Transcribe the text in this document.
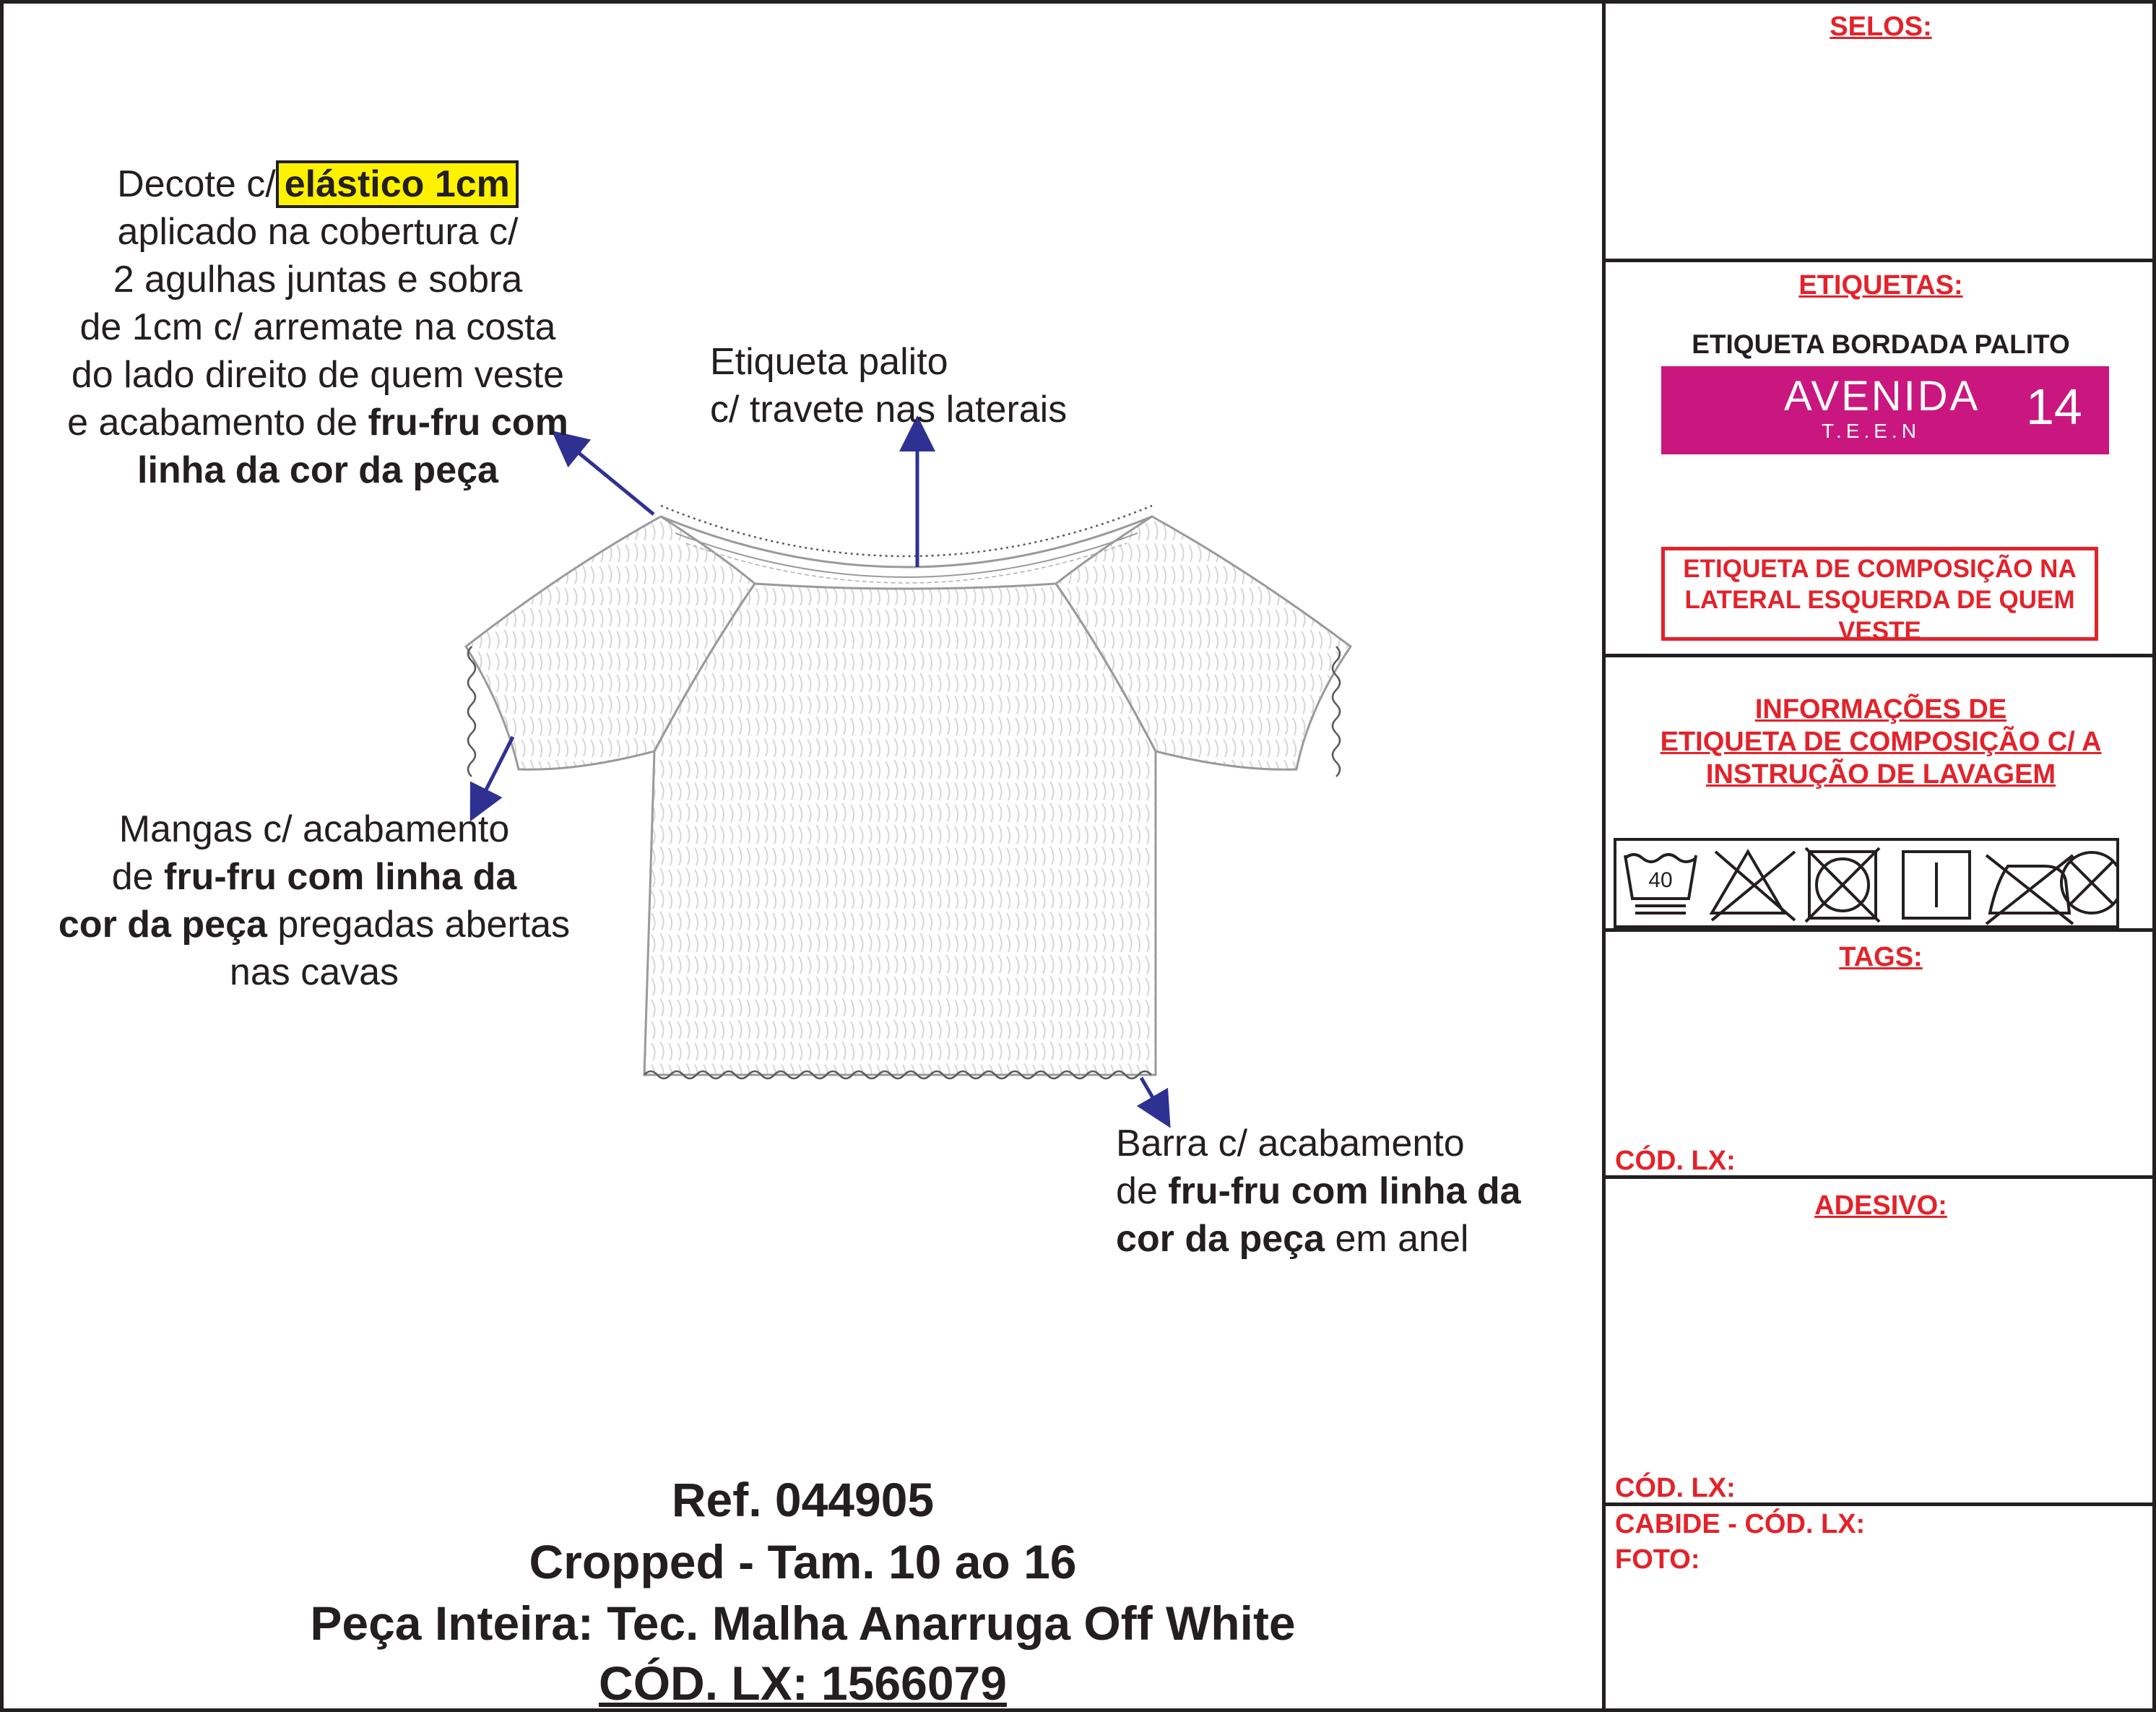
Decote c/ elástico 1cm
aplicado na cobertura c/
2 agulhas juntas e sobra
de 1cm c/ arremate na costa
do lado direito de quem veste
e acabamento de fru-fru com
linha da cor da peça
Etiqueta palito
c/ travete nas laterais
Mangas c/ acabamento
de fru-fru com linha da
cor da peça pregadas abertas
nas cavas
Barra c/ acabamento
de fru-fru com linha da
cor da peça em anel
Ref. 044905
Cropped - Tam. 10 ao 16
Peça Inteira: Tec. Malha Anarruga Off White
CÓD. LX: 1566079
SELOS:
ETIQUETAS:
ETIQUETA BORDADA PALITO
AVENIDA
T.E.E.N 14
ETIQUETA DE COMPOSIÇÃO NA
LATERAL ESQUERDA DE QUEM
VESTE
INFORMAÇÕES DE
ETIQUETA DE COMPOSIÇÃO C/ A
INSTRUÇÃO DE LAVAGEM
40
TAGS:
CÓD. LX:
ADESIVO:
CÓD. LX:
CABIDE - CÓD. LX:
FOTO:
